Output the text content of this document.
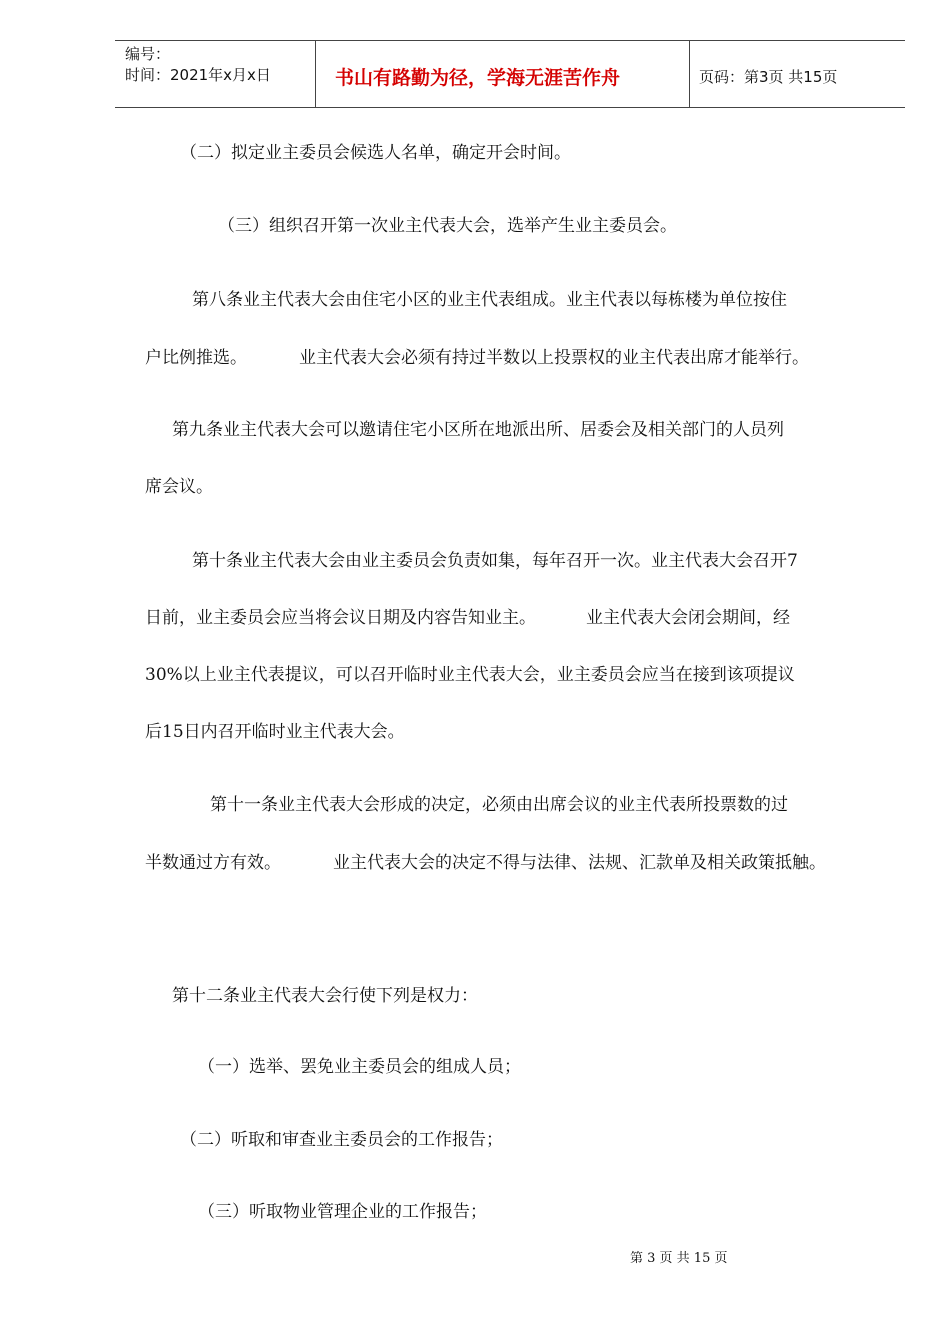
编号：
时间：2021年x月x日	书山有路勤为径，学海无涯苦作舟	页码：第3页 共15页
（二）拟定业主委员会候选人名单，确定开会时间。
（三）组织召开第一次业主代表大会，选举产生业主委员会。
第八条业主代表大会由住宅小区的业主代表组成。业主代表以每栋楼为单位按住
户比例推选。	业主代表大会必须有持过半数以上投票权的业主代表出席才能举行。
第九条业主代表大会可以邀请住宅小区所在地派出所、居委会及相关部门的人员列
席会议。
第十条业主代表大会由业主委员会负责如集，每年召开一次。业主代表大会召开7
日前，业主委员会应当将会议日期及内容告知业主。	业主代表大会闭会期间，经
30%以上业主代表提议，可以召开临时业主代表大会，业主委员会应当在接到该项提议
后15日内召开临时业主代表大会。
第十一条业主代表大会形成的决定，必须由出席会议的业主代表所投票数的过
半数通过方有效。	业主代表大会的决定不得与法律、法规、汇款单及相关政策抵触。
第十二条业主代表大会行使下列是权力：
（一）选举、罢免业主委员会的组成人员；
（二）听取和审查业主委员会的工作报告；
（三）听取物业管理企业的工作报告；
第 3 页 共 15 页
